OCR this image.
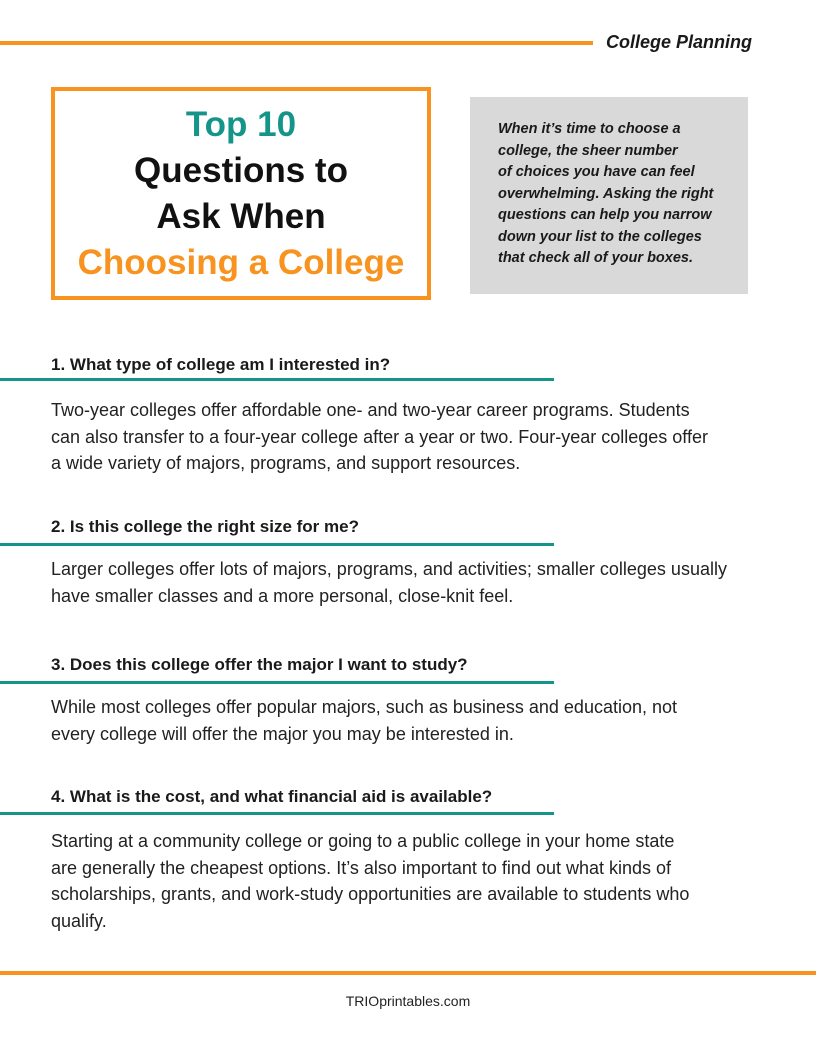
College Planning
Top 10
Questions to
Ask When
Choosing a College
When it’s time to choose a
college, the sheer number
of choices you have can feel
overwhelming. Asking the right
questions can help you narrow
down your list to the colleges
that check all of your boxes.
1. What type of college am I interested in?
Two-year colleges offer affordable one- and two-year career programs. Students
can also transfer to a four-year college after a year or two. Four-year colleges offer
a wide variety of majors, programs, and support resources.
2. Is this college the right size for me?
Larger colleges offer lots of majors, programs, and activities; smaller colleges usually
have smaller classes and a more personal, close-knit feel.
3. Does this college offer the major I want to study?
While most colleges offer popular majors, such as business and education, not
every college will offer the major you may be interested in.
4. What is the cost, and what financial aid is available?
Starting at a community college or going to a public college in your home state
are generally the cheapest options. It’s also important to find out what kinds of
scholarships, grants, and work-study opportunities are available to students who
qualify.
TRIOprintables.com
